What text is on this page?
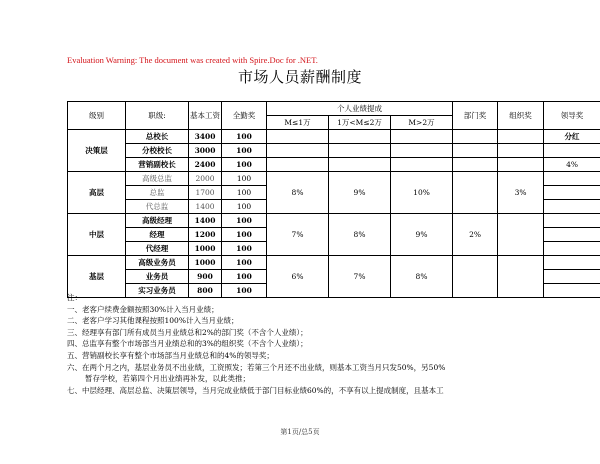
Evaluation Warning: The document was created with Spire.Doc for .NET.
市场人员薪酬制度
级别	职级:	基本工资	全勤奖	个人业绩提成			部门奖	组织奖	领导奖
				M≤1万	1万<M≤2万	M>2万			
决策层	总校长	3400	100						分红
	分校校长	3000	100						
	营销副校长	2400	100						4%
高层	高级总监	2000	100	8%	9%	10%		3%	
	总监	1700	100						
	代总监	1400	100						
中层	高级经理	1400	100	7%	8%	9%	2%		
	经理	1200	100						
	代经理	1000	100						
基层	高级业务员	1000	100	6%	7%	8%			
	业务员	900	100						
	实习业务员	800	100						
注：
一、老客户续费金额按照30%计入当月业绩；
二、老客户学习其他课程按照100%计入当月业绩；
三、经理享有部门所有成员当月业绩总和2%的部门奖（不含个人业绩）；
四、总监享有整个市场部当月业绩总和的3%的组织奖（不含个人业绩）；
五、营销副校长享有整个市场部当月业绩总和的4%的领导奖；
六、在两个月之内，基层业务员不出业绩，工资照发；若第三个月还不出业绩，则基本工资当月只发50%，另50%
暂存学校，若第四个月出业绩再补发，以此类推；
七、中层经理、高层总监、决策层领导，当月完成业绩低于部门目标业绩60%的，不享有以上提成制度，且基本工
第1页/总5页
